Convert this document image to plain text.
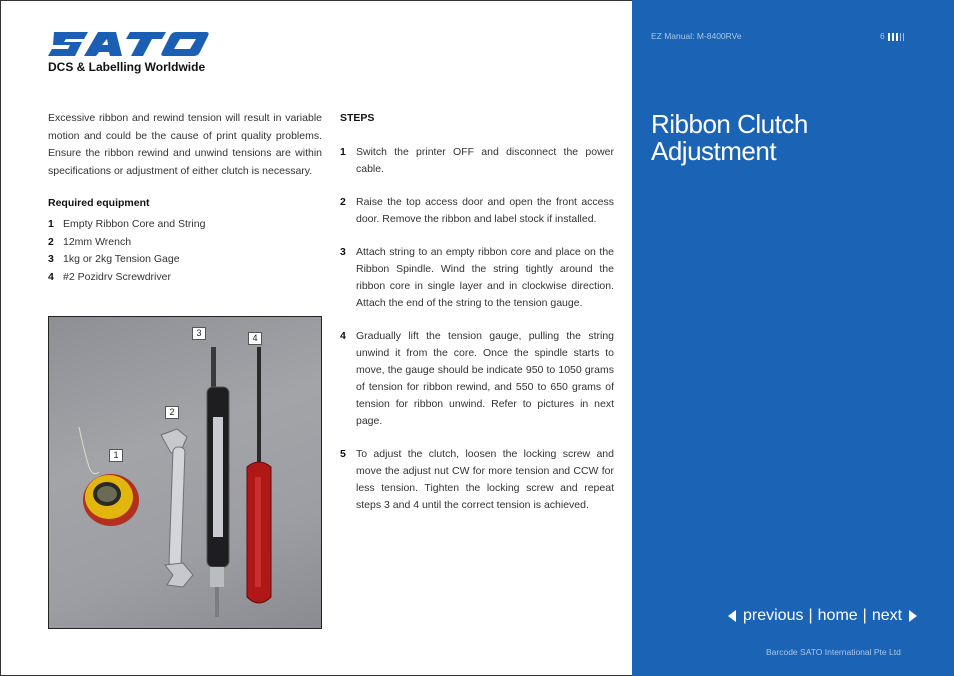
DCS & Labelling Worldwide

Excessive ribbon and rewind tension will result in variable motion and could be the cause of print quality problems. Ensure the ribbon rewind and unwind tensions are within specifications or adjustment of either clutch is necessary.

Required equipment
1 Empty Ribbon Core and String
2 12mm Wrench
3 1kg or 2kg Tension Gage
4 #2 Pozidrv Screwdriver
1
2
3	4
STEPS
1 Switch the printer OFF and disconnect the power cable.
2 Raise the top access door and open the front access door. Remove the ribbon and label stock if installed.
3 Attach string to an empty ribbon core and place on the Ribbon Spindle. Wind the string tightly around the ribbon core in single layer and in clockwise direction. Attach the end of the string to the tension gauge.
4 Gradually lift the tension gauge, pulling the string unwind it from the core. Once the spindle starts to move, the gauge should be indicate 950 to 1050 grams of tension for ribbon rewind, and 550 to 650 grams of tension for ribbon unwind. Refer to pictures in next page.
5 To adjust the clutch, loosen the locking screw and move the adjust nut CW for more tension and CCW for less tension. Tighten the locking screw and repeat steps 3 and 4 until the correct tension is achieved.
EZ Manual: M-8400RVe	6
Ribbon Clutch
Adjustment
previous | home | next
Barcode SATO International Pte Ltd
